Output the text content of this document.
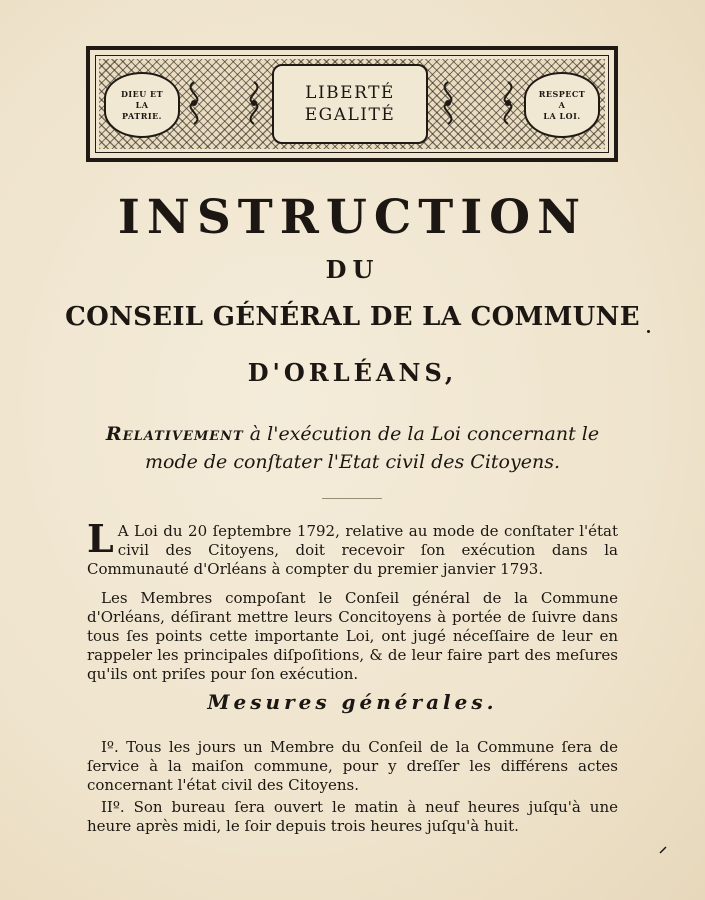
DIEU ET
LA
PATRIE.
LIBERTÉ
EGALITÉ
RESPECT
A
LA LOI.
INSTRUCTION
DU
CONSEIL GÉNÉRAL DE LA COMMUNE
D'ORLÉANS,
Relativement à l'exécution de la Loi concernant le
mode de conſtater l'Etat civil des Citoyens.
L A Loi du 20 ſeptembre 1792, relative au mode de conſtater l'état civil des Citoyens, doit recevoir ſon exécution dans la Communauté d'Orléans à compter du premier janvier 1793.
Les Membres compoſant le Conſeil général de la Commune d'Orléans, déſirant mettre leurs Concitoyens à portée de ſuivre dans tous ſes points cette importante Loi, ont jugé néceſſaire de leur en rappeler les principales diſpoſitions, & de leur faire part des meſures qu'ils ont priſes pour ſon exécution.
Mesures générales.
Iº. Tous les jours un Membre du Conſeil de la Commune ſera de ſervice à la maiſon commune, pour y dreſſer les différens actes concernant l'état civil des Citoyens.
IIº. Son bureau ſera ouvert le matin à neuf heures juſqu'à une heure après midi, le ſoir depuis trois heures juſqu'à huit.
